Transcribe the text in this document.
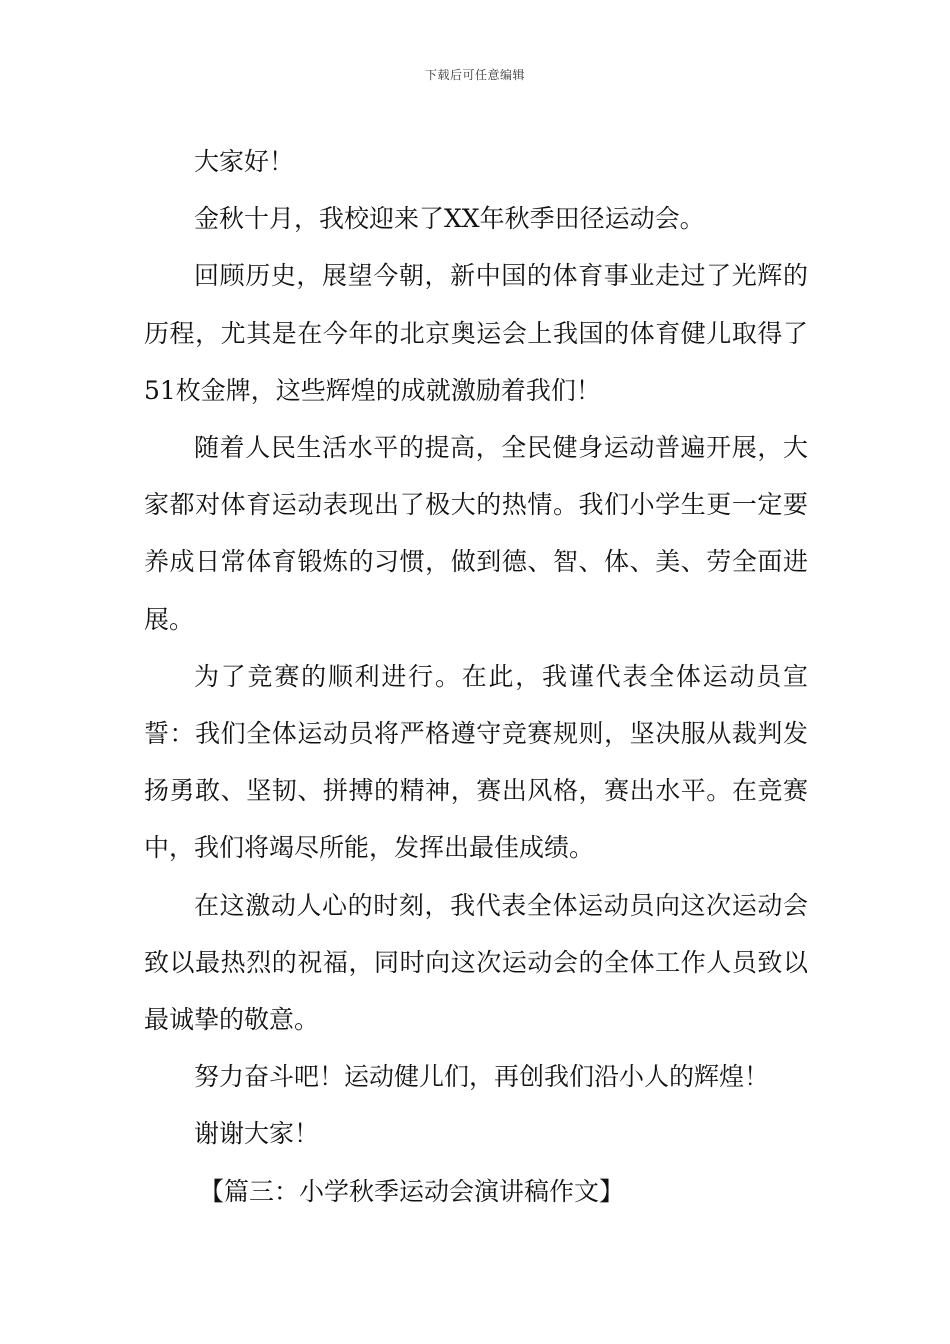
下载后可任意编辑

大家好！

金秋十月，我校迎来了XX年秋季田径运动会。

回顾历史，展望今朝，新中国的体育事业走过了光辉的历程，尤其是在今年的北京奥运会上我国的体育健儿取得了51枚金牌，这些辉煌的成就激励着我们！

随着人民生活水平的提高，全民健身运动普遍开展，大家都对体育运动表现出了极大的热情。我们小学生更一定要养成日常体育锻炼的习惯，做到德、智、体、美、劳全面进展。

为了竞赛的顺利进行。在此，我谨代表全体运动员宣誓：我们全体运动员将严格遵守竞赛规则，坚决服从裁判发扬勇敢、坚韧、拼搏的精神，赛出风格，赛出水平。在竞赛中，我们将竭尽所能，发挥出最佳成绩。

在这激动人心的时刻，我代表全体运动员向这次运动会致以最热烈的祝福，同时向这次运动会的全体工作人员致以最诚挚的敬意。

努力奋斗吧！运动健儿们，再创我们沿小人的辉煌！

谢谢大家！

【篇三：小学秋季运动会演讲稿作文】
